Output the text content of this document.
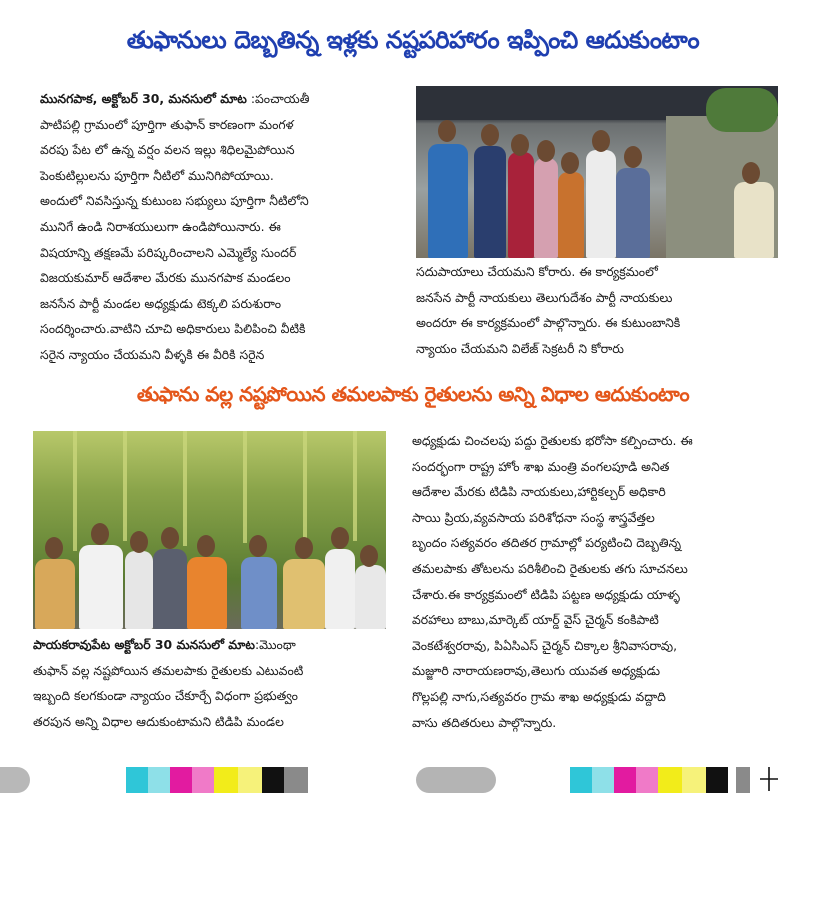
తుఫానులు దెబ్బతిన్న ఇళ్లకు నష్టపరిహారం ఇప్పించి ఆదుకుంటాం

మునగపాక, అక్టోబర్ 30, మనసులో మాట :పంచాయతీ

పాటిపల్లి గ్రామంలో పూర్తిగా తుఫాన్ కారణంగా మంగళ

వరపు పేట లో ఉన్న వర్షం వలన ఇల్లు శిధిలమైపోయిన

పెంకుటిల్లులను పూర్తిగా నీటిలో మునిగిపోయాయి.

అందులో నివసిస్తున్న కుటుంబ సభ్యులు పూర్తిగా నీటిలోని

మునిగే ఉండి నిరాశయులుగా ఉండిపోయినారు. ఈ

విషయాన్ని తక్షణమే పరిష్కరించాలని ఎమ్మెల్యే సుందర్

విజయకుమార్ ఆదేశాల మేరకు మునగపాక మండలం

జనసేన పార్టీ మండల అధ్యక్షుడు టెక్కలి పరుశురాం

సందర్శించారు.వాటిని చూచి అధికారులు పిలిపించి వీటికి

సరైన న్యాయం చేయమని వీళ్ళకి ఈ వీరికి సరైన

సదుపాయాలు చేయమని కోరారు. ఈ కార్యక్రమంలో

జనసేన పార్టీ నాయకులు తెలుగుదేశం పార్టీ నాయకులు

అందరూ ఈ కార్యక్రమంలో పాల్గొన్నారు. ఈ కుటుంబానికి

న్యాయం చేయమని విలేజ్ సెక్రటరీ ని కోరారు

తుఫాను వల్ల నష్టపోయిన తమలపాకు రైతులను అన్ని విధాల ఆదుకుంటాం

అధ్యక్షుడు చించలపు పద్దు రైతులకు భరోసా కల్పించారు. ఈ

సందర్భంగా రాష్ట్ర హోం శాఖ మంత్రి వంగలపూడి అనిత

ఆదేశాల మేరకు టిడిపి నాయకులు,హార్టికల్చర్ అధికారి

సాయి ప్రియ,వ్యవసాయ పరిశోధనా సంస్థ శాస్త్రవేత్తల

బృందం సత్యవరం తదితర గ్రామాల్లో పర్యటించి దెబ్బతిన్న

తమలపాకు తోటలను పరిశీలించి రైతులకు తగు సూచనలు

చేశారు.ఈ కార్యక్రమంలో టిడిపి పట్టణ అధ్యక్షుడు యాళ్ళ

వరహాలు బాబు,మార్కెట్ యార్డ్ వైస్ చైర్మన్ కంకిపాటి

వెంకటేశ్వరరావు, పిఏసిఎస్ చైర్మన్ చిక్కాల శ్రీనివాసరావు,

మజ్జూరి నారాయణరావు,తెలుగు యువత అధ్యక్షుడు

గొల్లపల్లి నాగు,సత్యవరం గ్రామ శాఖ అధ్యక్షుడు వద్దాది

వాసు తదితరులు పాల్గొన్నారు.

పాయకరావుపేట అక్టోబర్ 30 మనసులో మాట:మొంథా

తుఫాన్ వల్ల నష్టపోయిన తమలపాకు రైతులకు ఎటువంటి

ఇబ్బంది కలగకుండా న్యాయం చేకూర్చే విధంగా ప్రభుత్వం

తరపున అన్ని విధాల ఆదుకుంటామని టిడిపి మండల
